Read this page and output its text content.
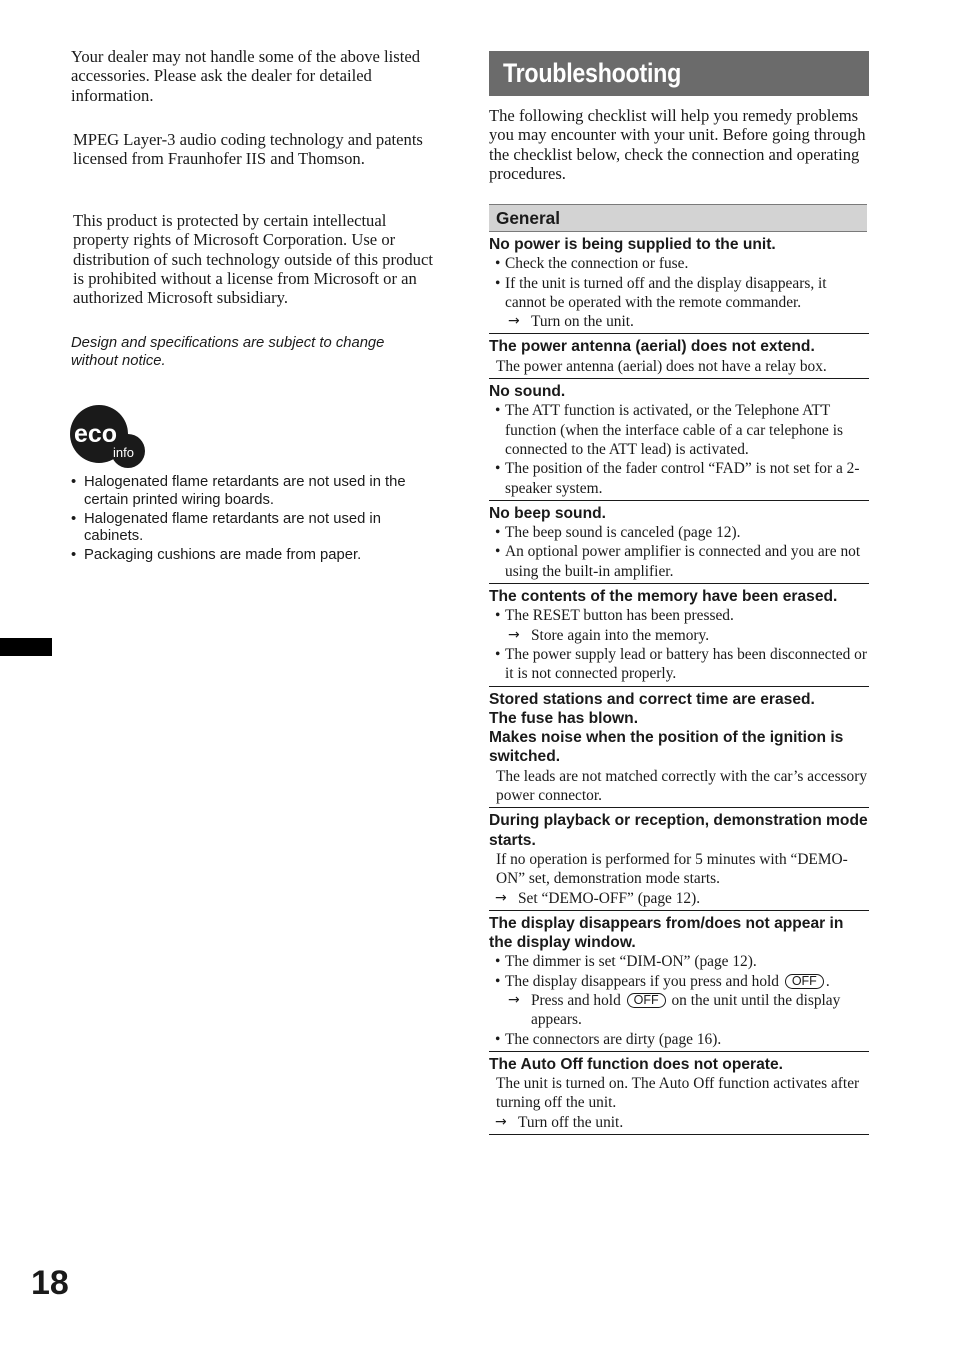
Your dealer may not handle some of the above listed accessories. Please ask the dealer for detailed information.

MPEG Layer-3 audio coding technology and patents licensed from Fraunhofer IIS and Thomson.

This product is protected by certain intellectual property rights of Microsoft Corporation. Use or distribution of such technology outside of this product is prohibited without a license from Microsoft or an authorized Microsoft subsidiary.

Design and specifications are subject to change without notice.

eco
info
• Halogenated flame retardants are not used in the certain printed wiring boards.
• Halogenated flame retardants are not used in cabinets.
• Packaging cushions are made from paper.
18
Troubleshooting

The following checklist will help you remedy problems you may encounter with your unit. Before going through the checklist below, check the connection and operating procedures.

General

No power is being supplied to the unit.

• Check the connection or fuse.
• If the unit is turned off and the display disappears, it cannot be operated with the remote commander.
→ Turn on the unit.

The power antenna (aerial) does not extend.

The power antenna (aerial) does not have a relay box.

No sound.

• The ATT function is activated, or the Telephone ATT function (when the interface cable of a car telephone is connected to the ATT lead) is activated.
• The position of the fader control “FAD” is not set for a 2-speaker system.

No beep sound.

• The beep sound is canceled (page 12).
• An optional power amplifier is connected and you are not using the built-in amplifier.

The contents of the memory have been erased.

• The RESET button has been pressed.
→ Store again into the memory.
• The power supply lead or battery has been disconnected or it is not connected properly.

Stored stations and correct time are erased.

The fuse has blown.

Makes noise when the position of the ignition is switched.

The leads are not matched correctly with the car’s accessory power connector.

During playback or reception, demonstration mode starts.

If no operation is performed for 5 minutes with “DEMO-ON” set, demonstration mode starts.
→ Set “DEMO-OFF” (page 12).

The display disappears from/does not appear in the display window.

• The dimmer is set “DIM-ON” (page 12).
• The display disappears if you press and hold OFF .
→ Press and hold OFF on the unit until the display appears.
• The connectors are dirty (page 16).

The Auto Off function does not operate.

The unit is turned on. The Auto Off function activates after turning off the unit.
→ Turn off the unit.
